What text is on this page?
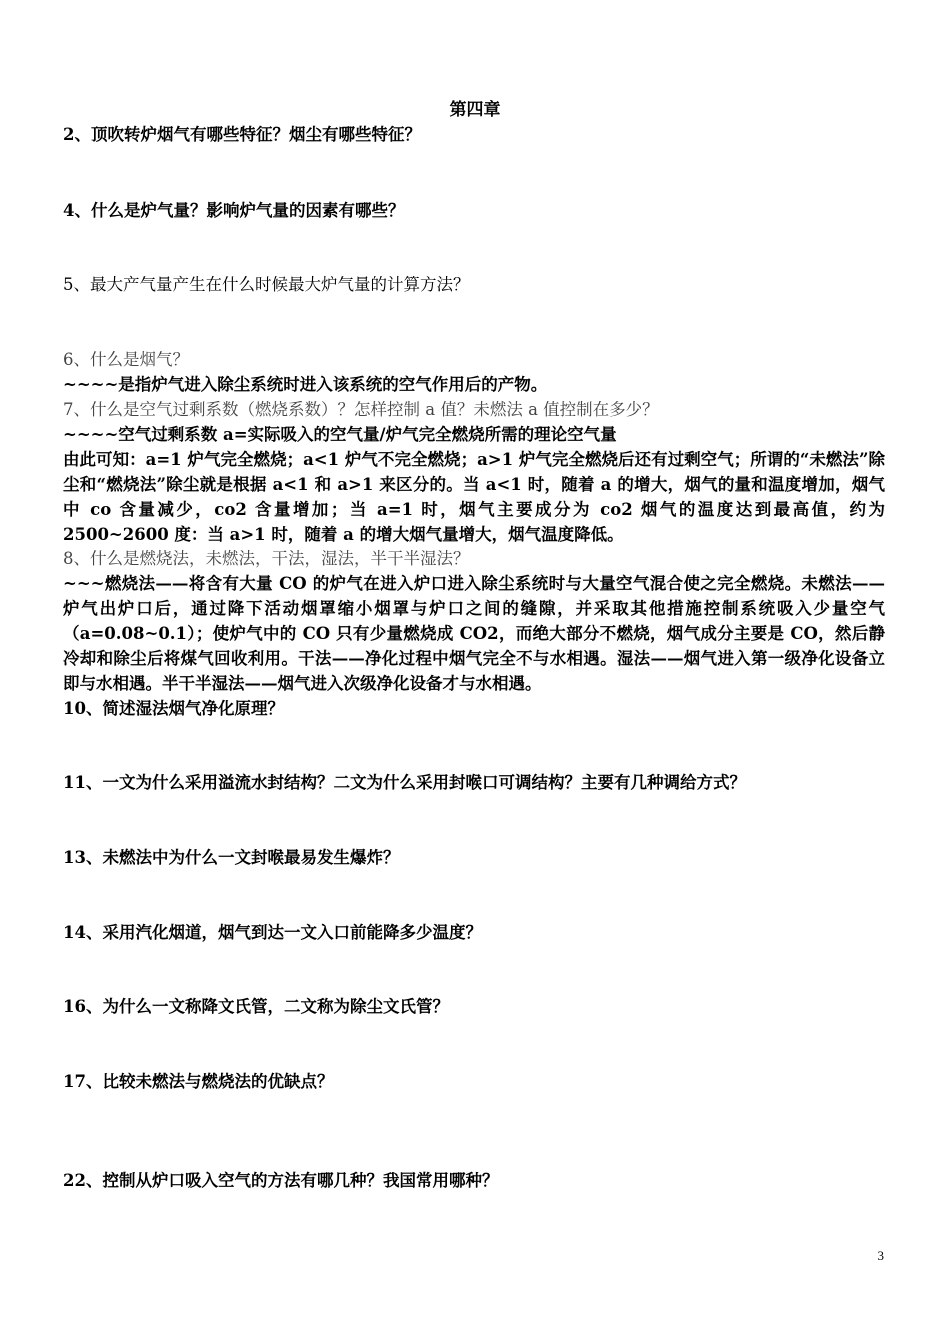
第四章
2、顶吹转炉烟气有哪些特征？烟尘有哪些特征？
4、什么是炉气量？影响炉气量的因素有哪些？
5、最大产气量产生在什么时候最大炉气量的计算方法？
6、什么是烟气？
~~~~是指炉气进入除尘系统时进入该系统的空气作用后的产物。
7、什么是空气过剩系数（燃烧系数）？怎样控制 a 值？未燃法 a 值控制在多少？
~~~~空气过剩系数 a=实际吸入的空气量/炉气完全燃烧所需的理论空气量
由此可知：a=1 炉气完全燃烧；a<1 炉气不完全燃烧；a>1 炉气完全燃烧后还有过剩空气；所谓的“未燃法”除尘和“燃烧法”除尘就是根据 a<1 和 a>1 来区分的。当 a<1 时，随着 a 的增大，烟气的量和温度增加，烟气中 co 含量减少，co2 含量增加；当 a=1 时，烟气主要成分为 co2 烟气的温度达到最高值，约为 2500~2600 度：当 a>1 时，随着 a 的增大烟气量增大，烟气温度降低。
8、什么是燃烧法，未燃法，干法，湿法，半干半湿法？
~~~燃烧法——将含有大量 CO 的炉气在进入炉口进入除尘系统时与大量空气混合使之完全燃烧。未燃法——炉气出炉口后，通过降下活动烟罩缩小烟罩与炉口之间的缝隙，并采取其他措施控制系统吸入少量空气（a=0.08~0.1）；使炉气中的 CO 只有少量燃烧成 CO2，而绝大部分不燃烧，烟气成分主要是 CO，然后静冷却和除尘后将煤气回收利用。干法——净化过程中烟气完全不与水相遇。湿法——烟气进入第一级净化设备立即与水相遇。半干半湿法——烟气进入次级净化设备才与水相遇。
10、简述湿法烟气净化原理？
11、一文为什么采用溢流水封结构？二文为什么采用封喉口可调结构？主要有几种调给方式？
13、未燃法中为什么一文封喉最易发生爆炸？
14、采用汽化烟道，烟气到达一文入口前能降多少温度？
16、为什么一文称降文氏管，二文称为除尘文氏管？
17、比较未燃法与燃烧法的优缺点？
22、控制从炉口吸入空气的方法有哪几种？我国常用哪种？
3
